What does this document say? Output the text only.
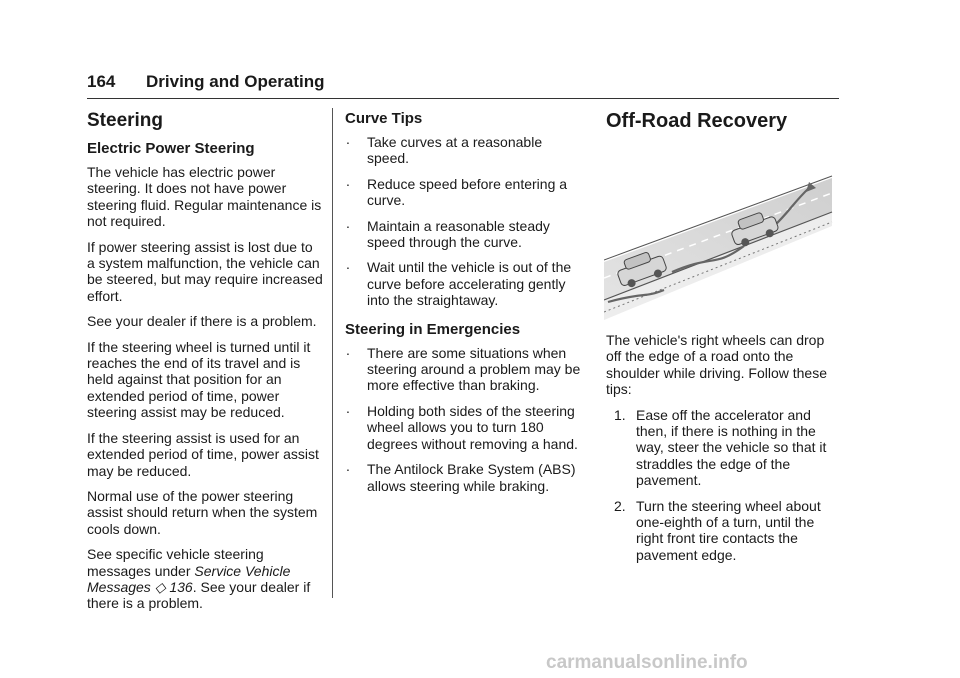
164 Driving and Operating
Steering
Electric Power Steering

The vehicle has electric power steering. It does not have power steering fluid. Regular maintenance is not required.

If power steering assist is lost due to a system malfunction, the vehicle can be steered, but may require increased effort.

See your dealer if there is a problem.

If the steering wheel is turned until it reaches the end of its travel and is held against that position for an extended period of time, power steering assist may be reduced.

If the steering assist is used for an extended period of time, power assist may be reduced.

Normal use of the power steering assist should return when the system cools down.

See specific vehicle steering messages under Service Vehicle Messages ◇ 136. See your dealer if there is a problem.

Curve Tips
. Take curves at a reasonable speed.
. Reduce speed before entering a curve.
. Maintain a reasonable steady speed through the curve.
. Wait until the vehicle is out of the curve before accelerating gently into the straightaway.
Steering in Emergencies
. There are some situations when steering around a problem may be more effective than braking.
. Holding both sides of the steering wheel allows you to turn 180 degrees without removing a hand.
. The Antilock Brake System (ABS) allows steering while braking.
Off-Road Recovery

The vehicle's right wheels can drop off the edge of a road onto the shoulder while driving. Follow these tips:

1. Ease off the accelerator and then, if there is nothing in the way, steer the vehicle so that it straddles the edge of the pavement.
2. Turn the steering wheel about one-eighth of a turn, until the right front tire contacts the pavement edge.
carmanualsonline.info
